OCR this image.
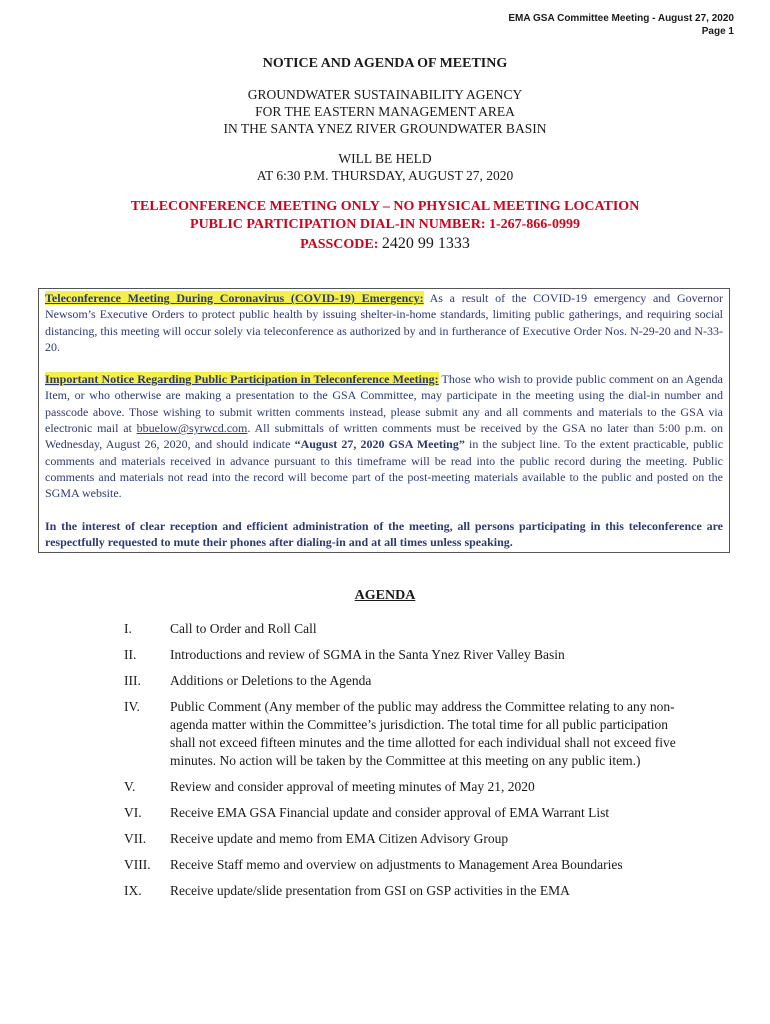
EMA GSA Committee Meeting - August 27, 2020
Page 1
NOTICE AND AGENDA OF MEETING
GROUNDWATER SUSTAINABILITY AGENCY
FOR THE EASTERN MANAGEMENT AREA
IN THE SANTA YNEZ RIVER GROUNDWATER BASIN
WILL BE HELD
AT 6:30 P.M. THURSDAY, AUGUST 27, 2020
TELECONFERENCE MEETING ONLY – NO PHYSICAL MEETING LOCATION
PUBLIC PARTICIPATION DIAL-IN NUMBER: 1-267-866-0999
PASSCODE: 2420 99 1333

Teleconference Meeting During Coronavirus (COVID-19) Emergency: As a result of the COVID-19 emergency and Governor Newsom’s Executive Orders to protect public health by issuing shelter-in-home standards, limiting public gatherings, and requiring social distancing, this meeting will occur solely via teleconference as authorized by and in furtherance of Executive Order Nos. N-29-20 and N-33-20.

Important Notice Regarding Public Participation in Teleconference Meeting: Those who wish to provide public comment on an Agenda Item, or who otherwise are making a presentation to the GSA Committee, may participate in the meeting using the dial-in number and passcode above. Those wishing to submit written comments instead, please submit any and all comments and materials to the GSA via electronic mail at bbuelow@syrwcd.com. All submittals of written comments must be received by the GSA no later than 5:00 p.m. on Wednesday, August 26, 2020, and should indicate “August 27, 2020 GSA Meeting” in the subject line. To the extent practicable, public comments and materials received in advance pursuant to this timeframe will be read into the public record during the meeting. Public comments and materials not read into the record will become part of the post-meeting materials available to the public and posted on the SGMA website.

In the interest of clear reception and efficient administration of the meeting, all persons participating in this teleconference are respectfully requested to mute their phones after dialing-in and at all times unless speaking.

AGENDA
I.	Call to Order and Roll Call
II.	Introductions and review of SGMA in the Santa Ynez River Valley Basin
III.	Additions or Deletions to the Agenda
IV.	Public Comment (Any member of the public may address the Committee relating to any non-agenda matter within the Committee’s jurisdiction. The total time for all public participation shall not exceed fifteen minutes and the time allotted for each individual shall not exceed five minutes. No action will be taken by the Committee at this meeting on any public item.)
V.	Review and consider approval of meeting minutes of May 21, 2020
VI.	Receive EMA GSA Financial update and consider approval of EMA Warrant List
VII.	Receive update and memo from EMA Citizen Advisory Group
VIII.	Receive Staff memo and overview on adjustments to Management Area Boundaries
IX.	Receive update/slide presentation from GSI on GSP activities in the EMA
